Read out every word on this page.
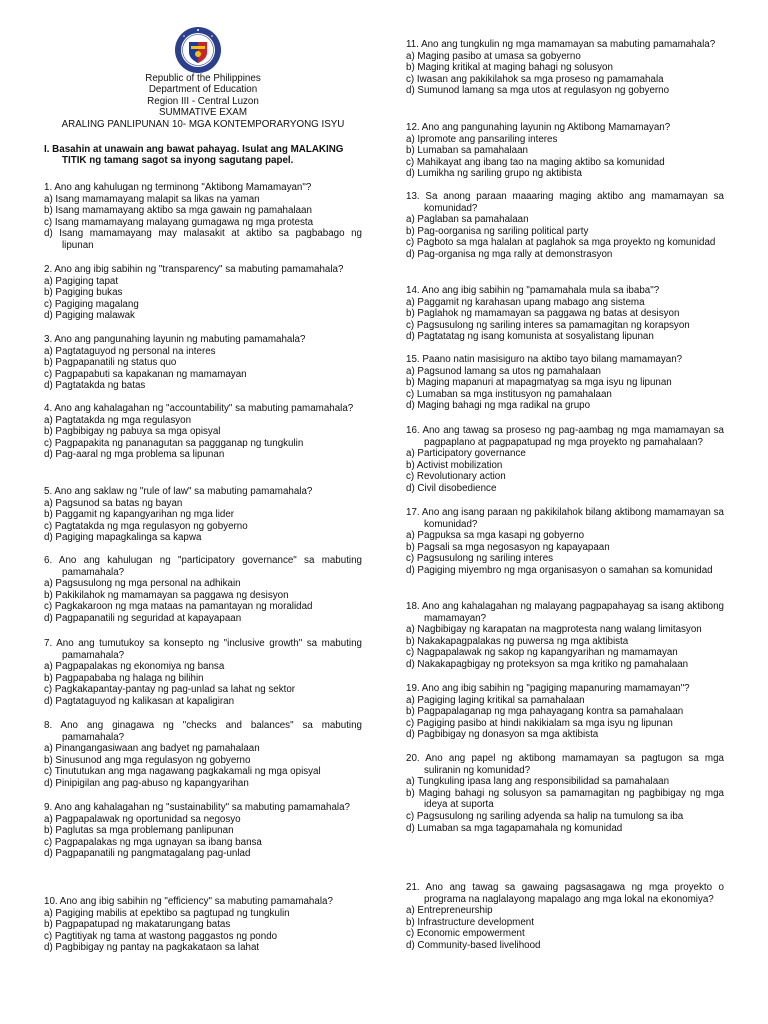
Republic of the Philippines
Department of Education
Region III - Central Luzon
SUMMATIVE EXAM
ARALING PANLIPUNAN 10- MGA KONTEMPORARYONG ISYU
I. Basahin at unawain ang bawat pahayag. Isulat ang MALAKING
TITIK ng tamang sagot sa inyong sagutang papel.
1. Ano ang kahulugan ng terminong "Aktibong Mamamayan"?
a) Isang mamamayang malapit sa likas na yaman
b) Isang mamamayang aktibo sa mga gawain ng pamahalaan
c) Isang mamamayang malayang gumagawa ng mga protesta
d) Isang mamamayang may malasakit at aktibo sa pagbabago ng lipunan
2. Ano ang ibig sabihin ng "transparency" sa mabuting pamamahala?
a) Pagiging tapat
b) Pagiging bukas
c) Pagiging magalang
d) Pagiging malawak
3. Ano ang pangunahing layunin ng mabuting pamamahala?
a) Pagtataguyod ng personal na interes
b) Pagpapanatili ng status quo
c) Pagpapabuti sa kapakanan ng mamamayan
d) Pagtatakda ng batas
4. Ano ang kahalagahan ng "accountability" sa mabuting pamamahala?
a) Pagtatakda ng mga regulasyon
b) Pagbibigay ng pabuya sa mga opisyal
c) Pagpapakita ng pananagutan sa paggganap ng tungkulin
d) Pag-aaral ng mga problema sa lipunan
5. Ano ang saklaw ng "rule of law" sa mabuting pamamahala?
a) Pagsunod sa batas ng bayan
b) Paggamit ng kapangyarihan ng mga lider
c) Pagtatakda ng mga regulasyon ng gobyerno
d) Pagiging mapagkalinga sa kapwa
6. Ano ang kahulugan ng "participatory governance" sa mabuting pamamahala?
a) Pagsusulong ng mga personal na adhikain
b) Pakikilahok ng mamamayan sa paggawa ng desisyon
c) Pagkakaroon ng mga mataas na pamantayan ng moralidad
d) Pagpapanatili ng seguridad at kapayapaan
7. Ano ang tumutukoy sa konsepto ng "inclusive growth" sa mabuting pamamahala?
a) Pagpapalakas ng ekonomiya ng bansa
b) Pagpapababa ng halaga ng bilihin
c) Pagkakapantay-pantay ng pag-unlad sa lahat ng sektor
d) Pagtataguyod ng kalikasan at kapaligiran
8. Ano ang ginagawa ng "checks and balances" sa mabuting pamamahala?
a) Pinangangasiwaan ang badyet ng pamahalaan
b) Sinusunod ang mga regulasyon ng gobyerno
c) Tinututukan ang mga nagawang pagkakamali ng mga opisyal
d) Pinipigilan ang pag-abuso ng kapangyarihan
9. Ano ang kahalagahan ng "sustainability" sa mabuting pamamahala?
a) Pagpapalawak ng oportunidad sa negosyo
b) Paglutas sa mga problemang panlipunan
c) Pagpapalakas ng mga ugnayan sa ibang bansa
d) Pagpapanatili ng pangmatagalang pag-unlad
10. Ano ang ibig sabihin ng "efficiency" sa mabuting pamamahala?
a) Pagiging mabilis at epektibo sa pagtupad ng tungkulin
b) Pagpapatupad ng makatarungang batas
c) Pagtitiyak ng tama at wastong paggastos ng pondo
d) Pagbibigay ng pantay na pagkakataon sa lahat
11. Ano ang tungkulin ng mga mamamayan sa mabuting pamamahala?
a) Maging pasibo at umasa sa gobyerno
b) Maging kritikal at maging bahagi ng solusyon
c) Iwasan ang pakikilahok sa mga proseso ng pamamahala
d) Sumunod lamang sa mga utos at regulasyon ng gobyerno
12. Ano ang pangunahing layunin ng Aktibong Mamamayan?
a) Ipromote ang pansariling interes
b) Lumaban sa pamahalaan
c) Mahikayat ang ibang tao na maging aktibo sa komunidad
d) Lumikha ng sariling grupo ng aktibista
13. Sa anong paraan maaaring maging aktibo ang mamamayan sa komunidad?
a) Paglaban sa pamahalaan
b) Pag-oorganisa ng sariling political party
c) Pagboto sa mga halalan at paglahok sa mga proyekto ng komunidad
d) Pag-organisa ng mga rally at demonstrasyon
14. Ano ang ibig sabihin ng "pamamahala mula sa ibaba"?
a) Paggamit ng karahasan upang mabago ang sistema
b) Paglahok ng mamamayan sa paggawa ng batas at desisyon
c) Pagsusulong ng sariling interes sa pamamagitan ng korapsyon
d) Pagtatatag ng isang komunista at sosyalistang lipunan
15. Paano natin masisiguro na aktibo tayo bilang mamamayan?
a) Pagsunod lamang sa utos ng pamahalaan
b) Maging mapanuri at mapagmatyag sa mga isyu ng lipunan
c) Lumaban sa mga institusyon ng pamahalaan
d) Maging bahagi ng mga radikal na grupo
16. Ano ang tawag sa proseso ng pag-aambag ng mga mamamayan sa pagpaplano at pagpapatupad ng mga proyekto ng pamahalaan?
a) Participatory governance
b) Activist mobilization
c) Revolutionary action
d) Civil disobedience
17. Ano ang isang paraan ng pakikilahok bilang aktibong mamamayan sa komunidad?
a) Pagpuksa sa mga kasapi ng gobyerno
b) Pagsali sa mga negosasyon ng kapayapaan
c) Pagsusulong ng sariling interes
d) Pagiging miyembro ng mga organisasyon o samahan sa komunidad
18. Ano ang kahalagahan ng malayang pagpapahayag sa isang aktibong mamamayan?
a) Nagbibigay ng karapatan na magprotesta nang walang limitasyon
b) Nakakapagpalakas ng puwersa ng mga aktibista
c) Nagpapalawak ng sakop ng kapangyarihan ng mamamayan
d) Nakakapagbigay ng proteksyon sa mga kritiko ng pamahalaan
19. Ano ang ibig sabihin ng "pagiging mapanuring mamamayan"?
a) Pagiging laging kritikal sa pamahalaan
b) Pagpapalaganap ng mga pahayagang kontra sa pamahalaan
c) Pagiging pasibo at hindi nakikialam sa mga isyu ng lipunan
d) Pagbibigay ng donasyon sa mga aktibista
20. Ano ang papel ng aktibong mamamayan sa pagtugon sa mga suliranin ng komunidad?
a) Tungkuling ipasa lang ang responsibilidad sa pamahalaan
b) Maging bahagi ng solusyon sa pamamagitan ng pagbibigay ng mga ideya at suporta
c) Pagsusulong ng sariling adyenda sa halip na tumulong sa iba
d) Lumaban sa mga tagapamahala ng komunidad
21. Ano ang tawag sa gawaing pagsasagawa ng mga proyekto o programa na naglalayong mapalago ang mga lokal na ekonomiya?
a) Entrepreneurship
b) Infrastructure development
c) Economic empowerment
d) Community-based livelihood
